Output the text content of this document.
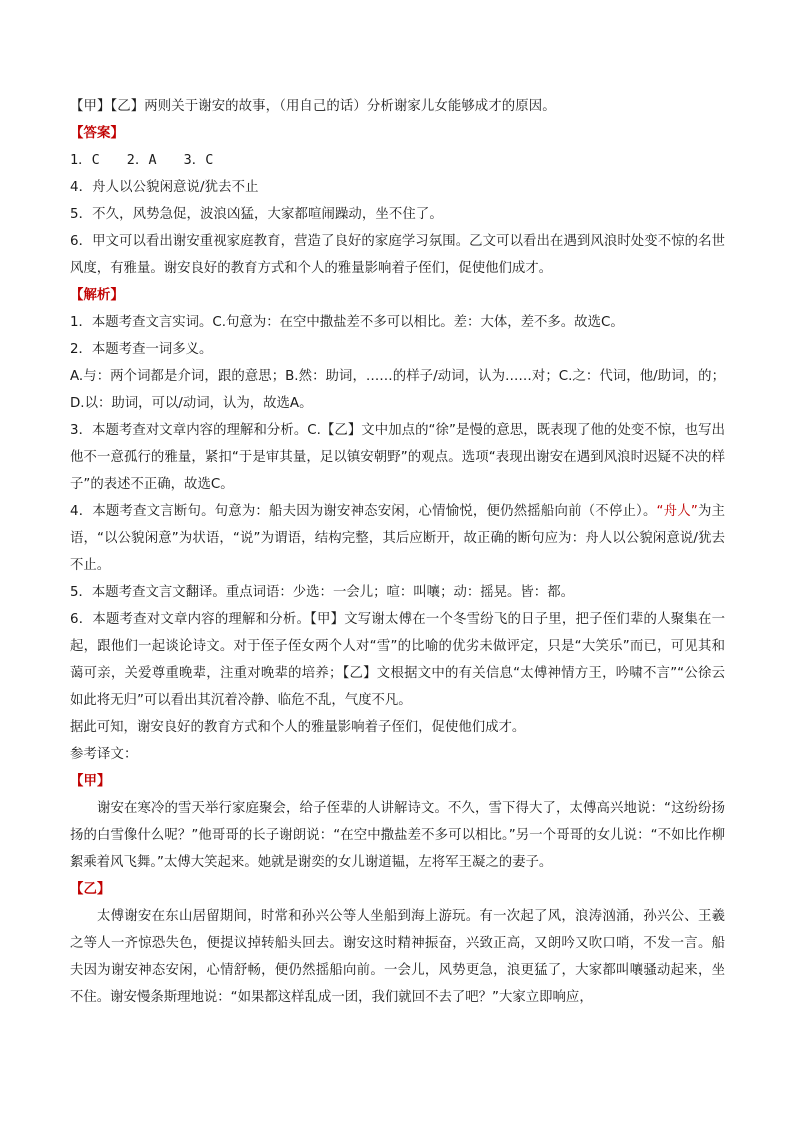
【甲】【乙】两则关于谢安的故事，（用自己的话）分析谢家儿女能够成才的原因。
【答案】
1．C　　2．A　　3．C
4．舟人以公貌闲意说/犹去不止
5．不久，风势急促，波浪凶猛，大家都喧闹躁动，坐不住了。
6．甲文可以看出谢安重视家庭教育，营造了良好的家庭学习氛围。乙文可以看出在遇到风浪时处变不惊的名世风度，有雅量。谢安良好的教育方式和个人的雅量影响着子侄们，促使他们成才。
【解析】
1．本题考查文言实词。C.句意为：在空中撒盐差不多可以相比。差：大体，差不多。故选C。
2．本题考查一词多义。
A.与：两个词都是介词，跟的意思；B.然：助词，……的样子/动词，认为……对；C.之：代词，他/助词，的；D.以：助词，可以/动词，认为，故选A。
3．本题考查对文章内容的理解和分析。C.【乙】文中加点的“徐”是慢的意思，既表现了他的处变不惊，也写出他不一意孤行的雅量，紧扣“于是审其量，足以镇安朝野”的观点。选项“表现出谢安在遇到风浪时迟疑不决的样子”的表述不正确，故选C。
4．本题考查文言断句。句意为：船夫因为谢安神态安闲，心情愉悦，便仍然摇船向前（不停止）。“舟人”为主语，“以公貌闲意”为状语，“说”为谓语，结构完整，其后应断开，故正确的断句应为：舟人以公貌闲意说/犹去不止。
5．本题考查文言文翻译。重点词语：少选：一会儿；喧：叫嚷；动：摇晃。皆：都。
6．本题考查对文章内容的理解和分析。【甲】文写谢太傅在一个冬雪纷飞的日子里，把子侄们辈的人聚集在一起，跟他们一起谈论诗文。对于侄子侄女两个人对“雪”的比喻的优劣未做评定，只是“大笑乐”而已，可见其和蔼可亲，关爱尊重晚辈，注重对晚辈的培养；【乙】文根据文中的有关信息“太傅神情方王，吟啸不言”“公徐云如此将无归”可以看出其沉着冷静、临危不乱，气度不凡。
据此可知，谢安良好的教育方式和个人的雅量影响着子侄们，促使他们成才。
参考译文：
【甲】
谢安在寒冷的雪天举行家庭聚会，给子侄辈的人讲解诗文。不久，雪下得大了，太傅高兴地说：“这纷纷扬扬的白雪像什么呢？”他哥哥的长子谢朗说：“在空中撒盐差不多可以相比。”另一个哥哥的女儿说：“不如比作柳絮乘着风飞舞。”太傅大笑起来。她就是谢奕的女儿谢道韫，左将军王凝之的妻子。
【乙】
太傅谢安在东山居留期间，时常和孙兴公等人坐船到海上游玩。有一次起了风，浪涛汹涌，孙兴公、王羲之等人一齐惊恐失色，便提议掉转船头回去。谢安这时精神振奋，兴致正高，又朗吟又吹口哨，不发一言。船夫因为谢安神态安闲，心情舒畅，便仍然摇船向前。一会儿，风势更急，浪更猛了，大家都叫嚷骚动起来，坐不住。谢安慢条斯理地说：“如果都这样乱成一团，我们就回不去了吧？”大家立即响应，
